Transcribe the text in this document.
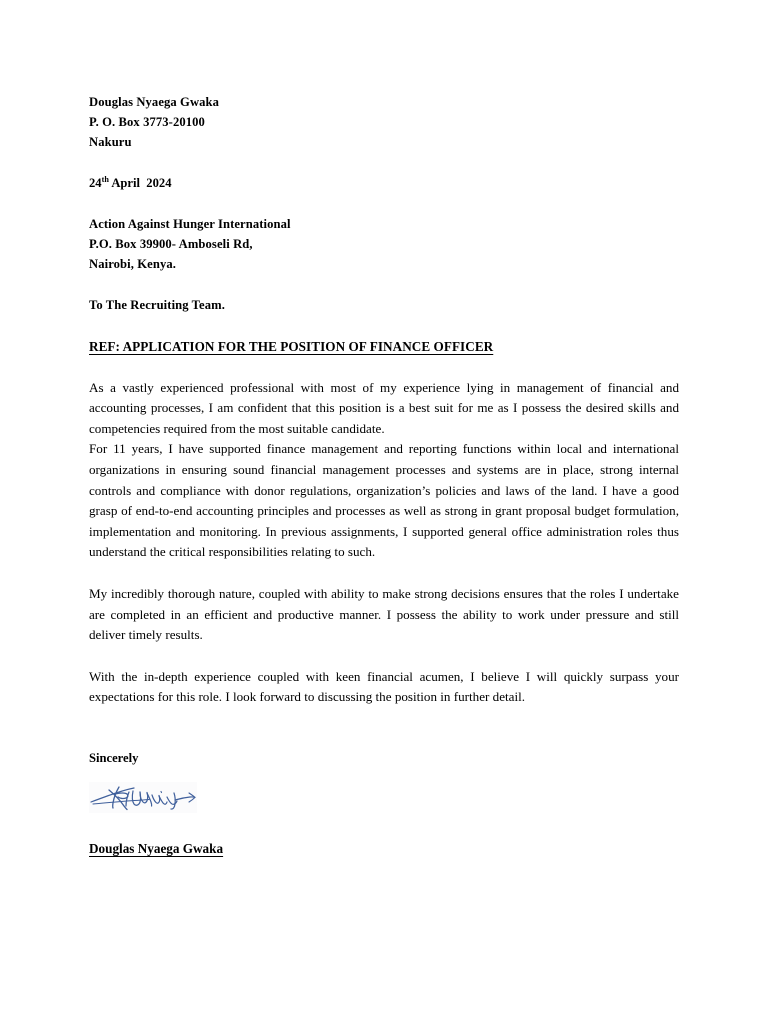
Douglas Nyaega Gwaka
P. O. Box 3773-20100
Nakuru
24th April  2024
Action Against Hunger International
P.O. Box 39900- Amboseli Rd,
Nairobi, Kenya.
To The Recruiting Team.
REF: APPLICATION FOR THE POSITION OF FINANCE OFFICER

As a vastly experienced professional with most of my experience lying in management of financial and accounting processes, I am confident that this position is a best suit for me as I possess the desired skills and competencies required from the most suitable candidate.

For 11 years, I have supported finance management and reporting functions within local and international organizations in ensuring sound financial management processes and systems are in place, strong internal controls and compliance with donor regulations, organization’s policies and laws of the land. I have a good grasp of end-to-end accounting principles and processes as well as strong in grant proposal budget formulation, implementation and monitoring. In previous assignments, I supported general office administration roles thus understand the critical responsibilities relating to such.

My incredibly thorough nature, coupled with ability to make strong decisions ensures that the roles I undertake are completed in an efficient and productive manner. I possess the ability to work under pressure and still deliver timely results.

With the in-depth experience coupled with keen financial acumen, I believe I will quickly surpass your expectations for this role. I look forward to discussing the position in further detail.

Sincerely
Douglas Nyaega Gwaka
